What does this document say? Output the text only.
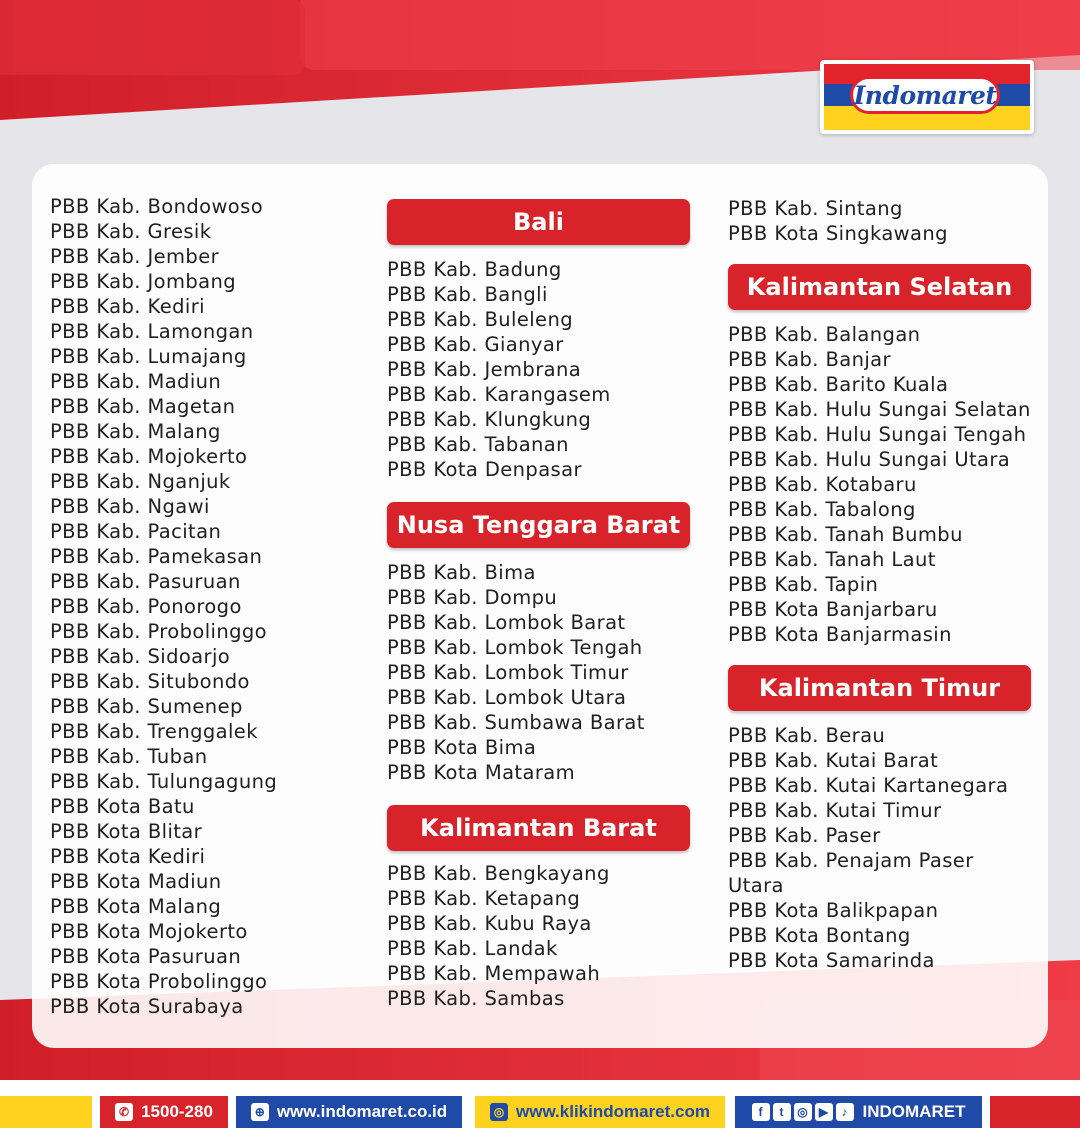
Indomaret
PBB Kab. Bondowoso
PBB Kab. Gresik
PBB Kab. Jember
PBB Kab. Jombang
PBB Kab. Kediri
PBB Kab. Lamongan
PBB Kab. Lumajang
PBB Kab. Madiun
PBB Kab. Magetan
PBB Kab. Malang
PBB Kab. Mojokerto
PBB Kab. Nganjuk
PBB Kab. Ngawi
PBB Kab. Pacitan
PBB Kab. Pamekasan
PBB Kab. Pasuruan
PBB Kab. Ponorogo
PBB Kab. Probolinggo
PBB Kab. Sidoarjo
PBB Kab. Situbondo
PBB Kab. Sumenep
PBB Kab. Trenggalek
PBB Kab. Tuban
PBB Kab. Tulungagung
PBB Kota Batu
PBB Kota Blitar
PBB Kota Kediri
PBB Kota Madiun
PBB Kota Malang
PBB Kota Mojokerto
PBB Kota Pasuruan
PBB Kota Probolinggo
PBB Kota Surabaya
Bali
PBB Kab. Badung
PBB Kab. Bangli
PBB Kab. Buleleng
PBB Kab. Gianyar
PBB Kab. Jembrana
PBB Kab. Karangasem
PBB Kab. Klungkung
PBB Kab. Tabanan
PBB Kota Denpasar
Nusa Tenggara Barat
PBB Kab. Bima
PBB Kab. Dompu
PBB Kab. Lombok Barat
PBB Kab. Lombok Tengah
PBB Kab. Lombok Timur
PBB Kab. Lombok Utara
PBB Kab. Sumbawa Barat
PBB Kota Bima
PBB Kota Mataram
Kalimantan Barat
PBB Kab. Bengkayang
PBB Kab. Ketapang
PBB Kab. Kubu Raya
PBB Kab. Landak
PBB Kab. Mempawah
PBB Kab. Sambas
PBB Kab. Sintang
PBB Kota Singkawang
Kalimantan Selatan
PBB Kab. Balangan
PBB Kab. Banjar
PBB Kab. Barito Kuala
PBB Kab. Hulu Sungai Selatan
PBB Kab. Hulu Sungai Tengah
PBB Kab. Hulu Sungai Utara
PBB Kab. Kotabaru
PBB Kab. Tabalong
PBB Kab. Tanah Bumbu
PBB Kab. Tanah Laut
PBB Kab. Tapin
PBB Kota Banjarbaru
PBB Kota Banjarmasin
Kalimantan Timur
PBB Kab. Berau
PBB Kab. Kutai Barat
PBB Kab. Kutai Kartanegara
PBB Kab. Kutai Timur
PBB Kab. Paser
PBB Kab. Penajam Paser Utara
PBB Kota Balikpapan
PBB Kota Bontang
PBB Kota Samarinda
✆ 1500-280	⊕ www.indomaret.co.id	◎ www.klikindomaret.com	f	t	◎ ▶	♪ INDOMARET
